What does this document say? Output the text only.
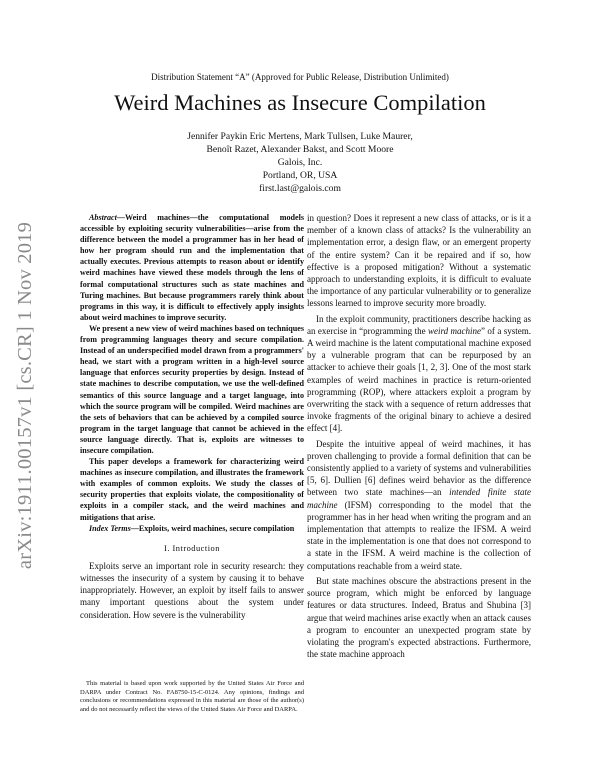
arXiv:1911.00157v1 [cs.CR] 1 Nov 2019
Distribution Statement “A” (Approved for Public Release, Distribution Unlimited)
Weird Machines as Insecure Compilation
Jennifer Paykin Eric Mertens, Mark Tullsen, Luke Maurer,
Benoît Razet, Alexander Bakst, and Scott Moore
Galois, Inc.
Portland, OR, USA
first.last@galois.com

Abstract—Weird machines—the computational models accessible by exploiting security vulnerabilities—arise from the difference between the model a programmer has in her head of how her program should run and the implementation that actually executes. Previous attempts to reason about or identify weird machines have viewed these models through the lens of formal computational structures such as state machines and Turing machines. But because programmers rarely think about programs in this way, it is difficult to effectively apply insights about weird machines to improve security.

We present a new view of weird machines based on techniques from programming languages theory and secure compilation. Instead of an underspecified model drawn from a programmers' head, we start with a program written in a high-level source language that enforces security properties by design. Instead of state machines to describe computation, we use the well-defined semantics of this source language and a target language, into which the source program will be compiled. Weird machines are the sets of behaviors that can be achieved by a compiled source program in the target language that cannot be achieved in the source language directly. That is, exploits are witnesses to insecure compilation.

This paper develops a framework for characterizing weird machines as insecure compilation, and illustrates the framework with examples of common exploits. We study the classes of security properties that exploits violate, the compositionality of exploits in a compiler stack, and the weird machines and mitigations that arise.

Index Terms—Exploits, weird machines, secure compilation

I. Introduction

Exploits serve an important role in security research: they witnesses the insecurity of a system by causing it to behave inappropriately. However, an exploit by itself fails to answer many important questions about the system under consideration. How severe is the vulnerability

This material is based upon work supported by the United States Air Force and DARPA under Contract No. FA8750-15-C-0124. Any opinions, findings and conclusions or recommendations expressed in this material are those of the author(s) and do not necessarily reflect the views of the United States Air Force and DARPA.

in question? Does it represent a new class of attacks, or is it a member of a known class of attacks? Is the vulnerability an implementation error, a design flaw, or an emergent property of the entire system? Can it be repaired and if so, how effective is a proposed mitigation? Without a systematic approach to understanding exploits, it is difficult to evaluate the importance of any particular vulnerability or to generalize lessons learned to improve security more broadly.

In the exploit community, practitioners describe hacking as an exercise in “programming the weird machine” of a system. A weird machine is the latent computational machine exposed by a vulnerable program that can be repurposed by an attacker to achieve their goals [1, 2, 3]. One of the most stark examples of weird machines in practice is return-oriented programming (ROP), where attackers exploit a program by overwriting the stack with a sequence of return addresses that invoke fragments of the original binary to achieve a desired effect [4].

Despite the intuitive appeal of weird machines, it has proven challenging to provide a formal definition that can be consistently applied to a variety of systems and vulnerabilities [5, 6]. Dullien [6] defines weird behavior as the difference between two state machines—an intended finite state machine (IFSM) corresponding to the model that the programmer has in her head when writing the program and an implementation that attempts to realize the IFSM. A weird state in the implementation is one that does not correspond to a state in the IFSM. A weird machine is the collection of computations reachable from a weird state.

But state machines obscure the abstractions present in the source program, which might be enforced by language features or data structures. Indeed, Bratus and Shubina [3] argue that weird machines arise exactly when an attack causes a program to encounter an unexpected program state by violating the program's expected abstractions. Furthermore, the state machine approach
